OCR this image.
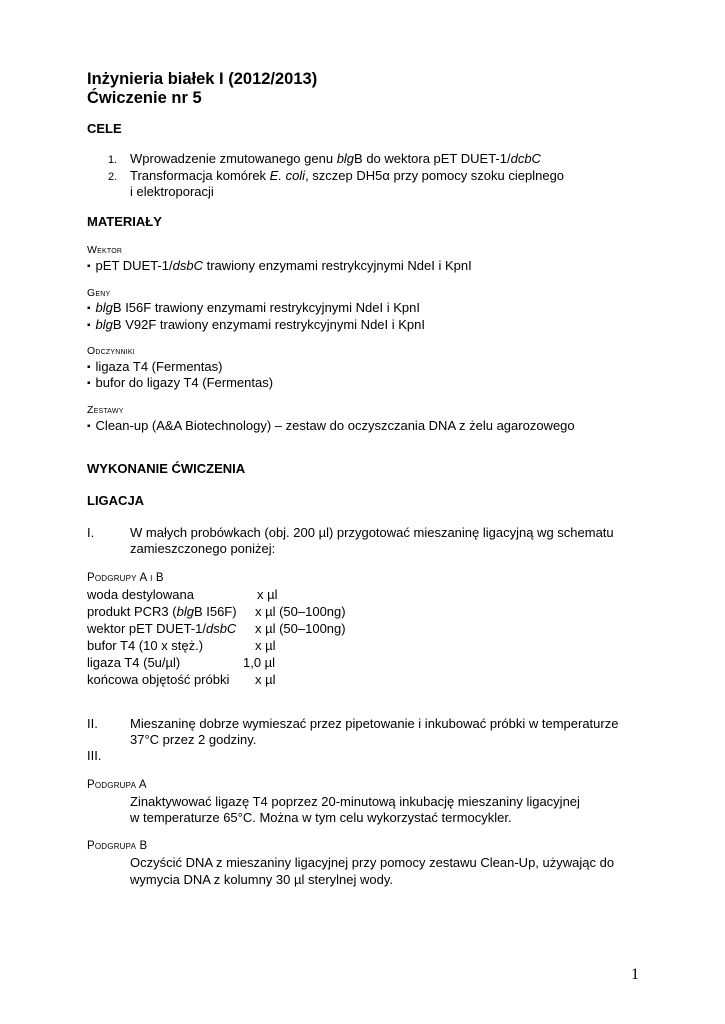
Inżynieria białek I (2012/2013)
Ćwiczenie nr 5
CELE
1. Wprowadzenie zmutowanego genu blgB do wektora pET DUET-1/dcbC
2. Transformacja komórek E. coli, szczep DH5α przy pomocy szoku cieplnego
i elektroporacji
MATERIAŁY
Wektor
▪ pET DUET-1/dsbC trawiony enzymami restrykcyjnymi NdeI i KpnI
Geny
▪ blgB I56F trawiony enzymami restrykcyjnymi NdeI i KpnI
▪ blgB V92F trawiony enzymami restrykcyjnymi NdeI i KpnI
Odczynniki
▪ ligaza T4 (Fermentas)
▪ bufor do ligazy T4 (Fermentas)
Zestawy
▪ Clean-up (A&A Biotechnology) – zestaw do oczyszczania DNA z żelu agarozowego
WYKONANIE ĆWICZENIA
LIGACJA
I.	W małych probówkach (obj. 200 µl) przygotować mieszaninę ligacyjną wg schematu
zamieszczonego poniżej:
Podgrupy A i B
woda destylowana	x µl
produkt PCR3 (blgB I56F) x µl (50–100ng)
wektor pET DUET-1/dsbC x µl (50–100ng)
bufor T4 (10 x stęż.)	x µl
ligaza T4 (5u/µl)	1,0 µl
końcowa objętość próbki x µl
II. Mieszaninę dobrze wymieszać przez pipetowanie i inkubować próbki w temperaturze
37°C przez 2 godziny.
III.
Podgrupa A
Zinaktywować ligazę T4 poprzez 20-minutową inkubację mieszaniny ligacyjnej
w temperaturze 65°C. Można w tym celu wykorzystać termocykler.
Podgrupa B
Oczyścić DNA z mieszaniny ligacyjnej przy pomocy zestawu Clean-Up, używając do
wymycia DNA z kolumny 30 µl sterylnej wody.
1
